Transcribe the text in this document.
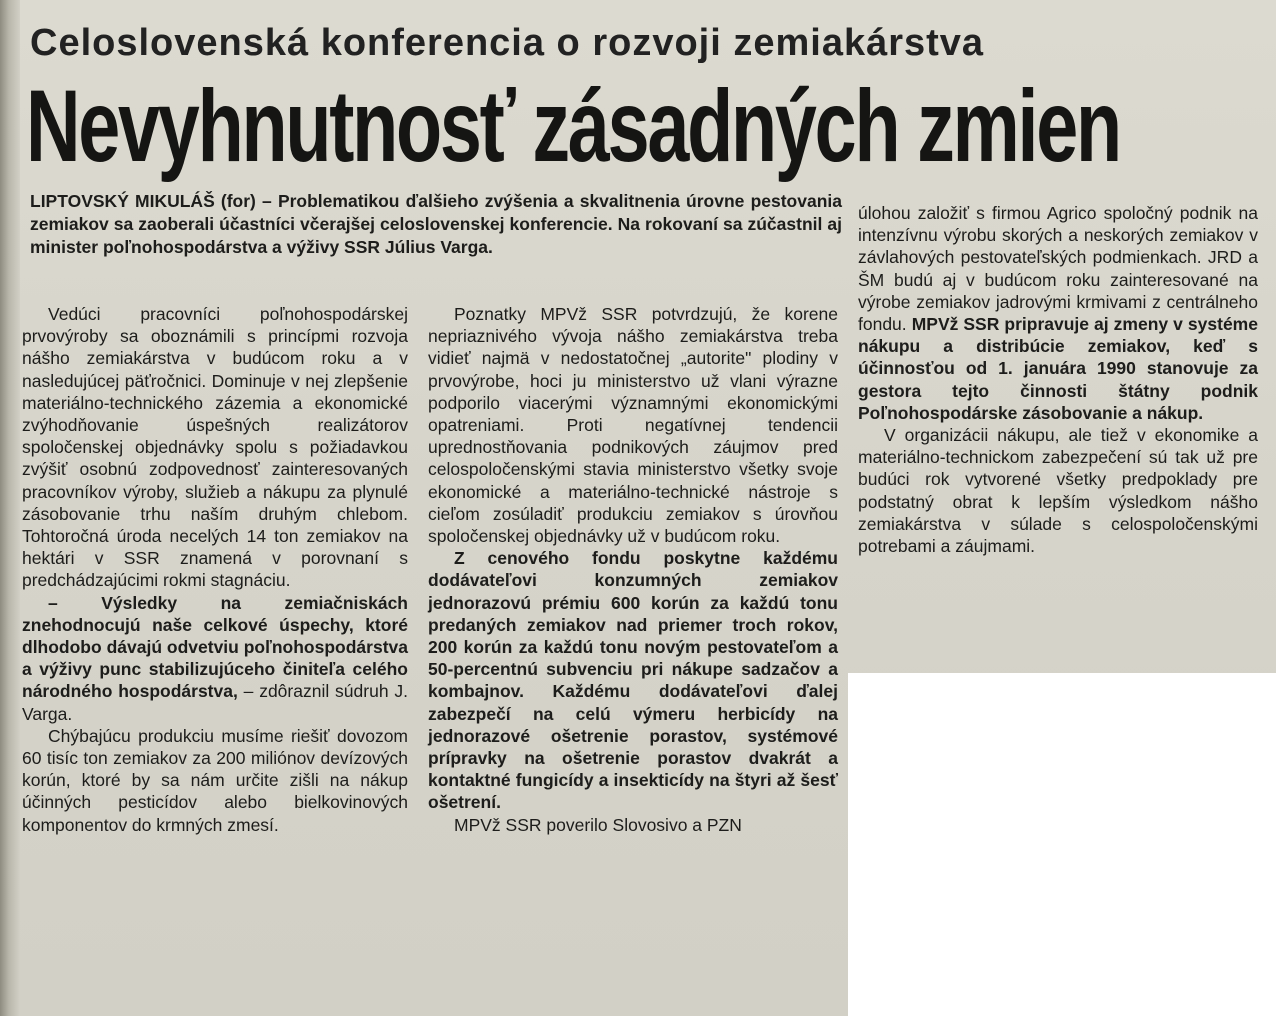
Celoslovenská konferencia o rozvoji zemiakárstva
Nevyhnutnosť zásadných zmien
LIPTOVSKÝ MIKULÁŠ (for) – Problematikou ďalšieho zvýšenia a skvalitnenia úrovne pestovania zemiakov sa zaoberali účastníci včerajšej celoslovenskej konferencie. Na rokovaní sa zúčastnil aj minister poľnohospodárstva a výživy SSR Július Varga.

Vedúci pracovníci poľnohospodárskej prvovýroby sa oboznámili s princípmi rozvoja nášho zemiakárstva v budúcom roku a v nasledujúcej päťročnici. Dominuje v nej zlepšenie materiálno-technického zázemia a ekonomické zvýhodňovanie úspešných realizátorov spoločenskej objednávky spolu s požiadavkou zvýšiť osobnú zodpovednosť zainteresovaných pracovníkov výroby, služieb a nákupu za plynulé zásobovanie trhu naším druhým chlebom. Tohtoročná úroda necelých 14 ton zemiakov na hektári v SSR znamená v porovnaní s predchádzajúcimi rokmi stagnáciu.

– Výsledky na zemiačniskách znehodnocujú naše celkové úspechy, ktoré dlhodobo dávajú odvetviu poľnohospodárstva a výživy punc stabilizujúceho činiteľa celého národného hospodárstva, – zdôraznil súdruh J. Varga.

Chýbajúcu produkciu musíme riešiť dovozom 60 tisíc ton zemiakov za 200 miliónov devízových korún, ktoré by sa nám určite zišli na nákup účinných pesticídov alebo bielkovinových komponentov do krmných zmesí.

Poznatky MPVž SSR potvrdzujú, že korene nepriaznivého vývoja nášho zemiakárstva treba vidieť najmä v nedostatočnej „autorite" plodiny v prvovýrobe, hoci ju ministerstvo už vlani výrazne podporilo viacerými významnými ekonomickými opatreniami. Proti negatívnej tendencii uprednostňovania podnikových záujmov pred celospoločenskými stavia ministerstvo všetky svoje ekonomické a materiálno-technické nástroje s cieľom zosúladiť produkciu zemiakov s úrovňou spoločenskej objednávky už v budúcom roku.

Z cenového fondu poskytne každému dodávateľovi konzumných zemiakov jednorazovú prémiu 600 korún za každú tonu predaných zemiakov nad priemer troch rokov, 200 korún za každú tonu novým pestovateľom a 50-percentnú subvenciu pri nákupe sadzačov a kombajnov. Každému dodávateľovi ďalej zabezpečí na celú výmeru herbicídy na jednorazové ošetrenie porastov, systémové prípravky na ošetrenie porastov dvakrát a kontaktné fungicídy a insekticídy na štyri až šesť ošetrení.

MPVž SSR poverilo Slovosivo a PZN

úlohou založiť s firmou Agrico spoločný podnik na intenzívnu výrobu skorých a neskorých zemiakov v závlahových pestovateľských podmienkach. JRD a ŠM budú aj v budúcom roku zainteresované na výrobe zemiakov jadrovými krmivami z centrálneho fondu. MPVž SSR pripravuje aj zmeny v systéme nákupu a distribúcie zemiakov, keď s účinnosťou od 1. januára 1990 stanovuje za gestora tejto činnosti štátny podnik Poľnohospodárske zásobovanie a nákup.

V organizácii nákupu, ale tiež v ekonomike a materiálno-technickom zabezpečení sú tak už pre budúci rok vytvorené všetky predpoklady pre podstatný obrat k lepším výsledkom nášho zemiakárstva v súlade s celospoločenskými potrebami a záujmami.
